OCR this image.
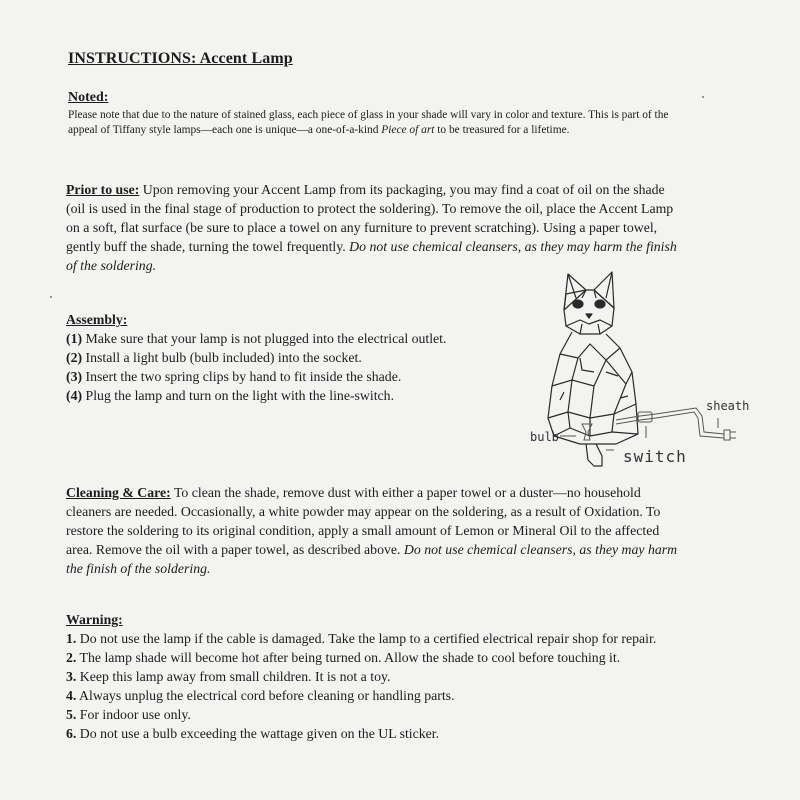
INSTRUCTIONS: Accent Lamp
Noted:
Please note that due to the nature of stained glass, each piece of glass in your shade will vary in color and texture. This is part of the
appeal of Tiffany style lamps—each one is unique—a one-of-a-kind Piece of art to be treasured for a lifetime.
Prior to use: Upon removing your Accent Lamp from its packaging, you may find a coat of oil on the shade
(oil is used in the final stage of production to protect the soldering). To remove the oil, place the Accent Lamp
on a soft, flat surface (be sure to place a towel on any furniture to prevent scratching). Using a paper towel,
gently buff the shade, turning the towel frequently. Do not use chemical cleansers, as they may harm the finish
of the soldering.
Assembly:
(1) Make sure that your lamp is not plugged into the electrical outlet.
(2) Install a light bulb (bulb included) into the socket.
(3) Insert the two spring clips by hand to fit inside the shade.
(4) Plug the lamp and turn on the light with the line-switch.
sheath
bulb
switch
Cleaning & Care: To clean the shade, remove dust with either a paper towel or a duster—no household
cleaners are needed. Occasionally, a white powder may appear on the soldering, as a result of Oxidation. To
restore the soldering to its original condition, apply a small amount of Lemon or Mineral Oil to the affected
area. Remove the oil with a paper towel, as described above. Do not use chemical cleansers, as they may harm
the finish of the soldering.
Warning:
1. Do not use the lamp if the cable is damaged. Take the lamp to a certified electrical repair shop for repair.
2. The lamp shade will become hot after being turned on. Allow the shade to cool before touching it.
3. Keep this lamp away from small children. It is not a toy.
4. Always unplug the electrical cord before cleaning or handling parts.
5. For indoor use only.
6. Do not use a bulb exceeding the wattage given on the UL sticker.
